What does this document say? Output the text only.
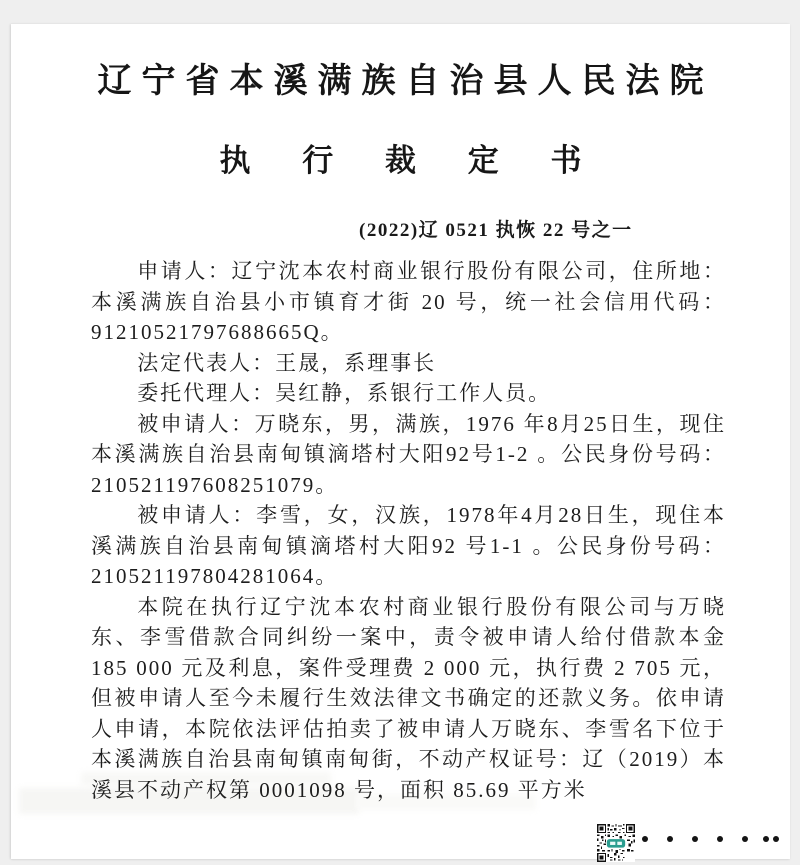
辽宁省本溪满族自治县人民法院
执 行 裁 定 书
(2022)辽 0521 执恢 22 号之一

申请人：辽宁沈本农村商业银行股份有限公司，住所地：本溪满族自治县小市镇育才街 20 号，统一社会信用代码：91210521797688665Q。

法定代表人：王晟，系理事长

委托代理人：吴红静，系银行工作人员。

被申请人：万晓东，男，满族，1976 年8月25日生，现住本溪满族自治县南甸镇滴塔村大阳92号1-2 。公民身份号码：210521197608251079。

被申请人：李雪，女，汉族，1978年4月28日生，现住本溪满族自治县南甸镇滴塔村大阳92 号1-1 。公民身份号码：210521197804281064。

本院在执行辽宁沈本农村商业银行股份有限公司与万晓东、李雪借款合同纠纷一案中，责令被申请人给付借款本金 185 000 元及利息，案件受理费 2 000 元，执行费 2 705 元，但被申请人至今未履行生效法律文书确定的还款义务。依申请人申请，本院依法评估拍卖了被申请人万晓东、李雪名下位于本溪满族自治县南甸镇南甸街，不动产权证号：辽（2019）本溪县不动产权第 0001098 号，面积 85.69 平方米
